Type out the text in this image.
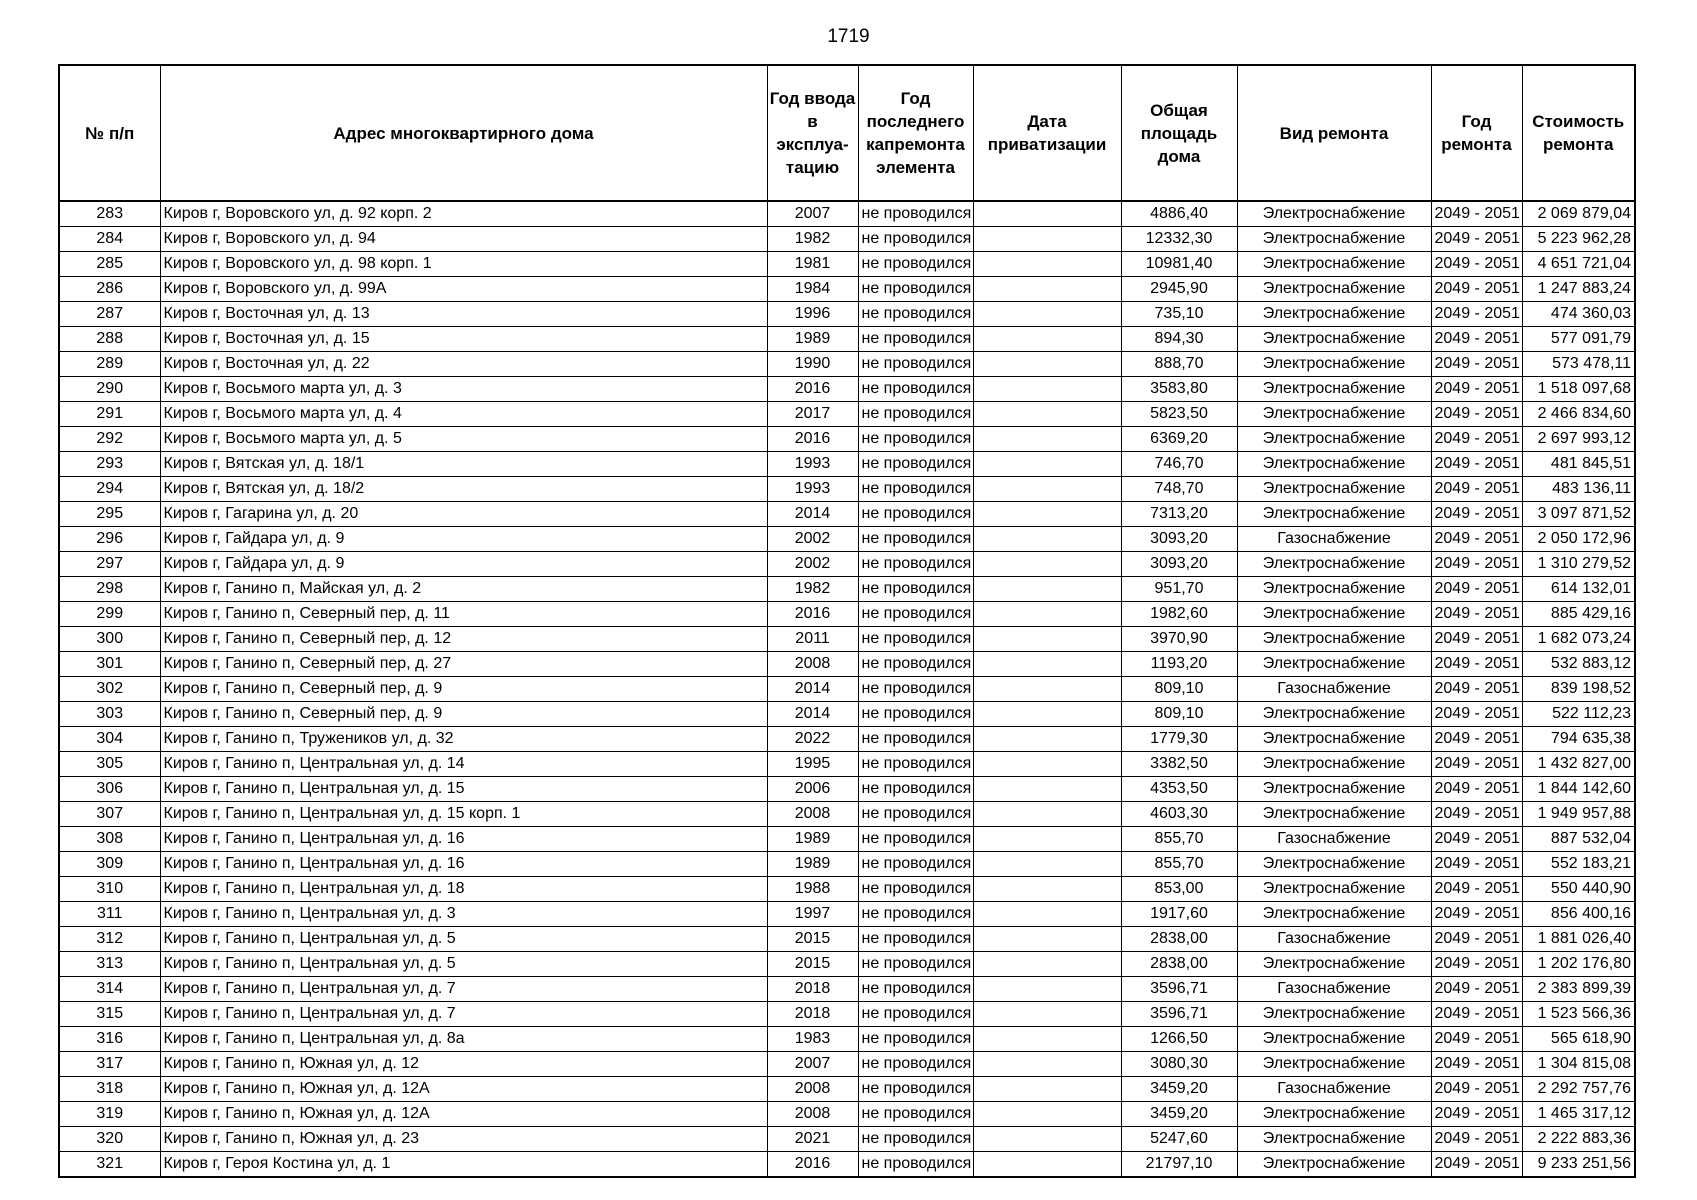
1719
№ п/п	Адрес многоквартирного дома	Год ввода в эксплуа- тацию	Год последнего капремонта элемента	Дата приватизации	Общая площадь дома	Вид ремонта	Год ремонта	Стоимость ремонта
283	Киров г, Воровского ул, д. 92 корп. 2	2007	не проводился		4886,40	Электроснабжение	2049 - 2051	2 069 879,04
284	Киров г, Воровского ул, д. 94	1982	не проводился		12332,30	Электроснабжение	2049 - 2051	5 223 962,28
285	Киров г, Воровского ул, д. 98 корп. 1	1981	не проводился		10981,40	Электроснабжение	2049 - 2051	4 651 721,04
286	Киров г, Воровского ул, д. 99А	1984	не проводился		2945,90	Электроснабжение	2049 - 2051	1 247 883,24
287	Киров г, Восточная ул, д. 13	1996	не проводился		735,10	Электроснабжение	2049 - 2051	474 360,03
288	Киров г, Восточная ул, д. 15	1989	не проводился		894,30	Электроснабжение	2049 - 2051	577 091,79
289	Киров г, Восточная ул, д. 22	1990	не проводился		888,70	Электроснабжение	2049 - 2051	573 478,11
290	Киров г, Восьмого марта ул, д. 3	2016	не проводился		3583,80	Электроснабжение	2049 - 2051	1 518 097,68
291	Киров г, Восьмого марта ул, д. 4	2017	не проводился		5823,50	Электроснабжение	2049 - 2051	2 466 834,60
292	Киров г, Восьмого марта ул, д. 5	2016	не проводился		6369,20	Электроснабжение	2049 - 2051	2 697 993,12
293	Киров г, Вятская ул, д. 18/1	1993	не проводился		746,70	Электроснабжение	2049 - 2051	481 845,51
294	Киров г, Вятская ул, д. 18/2	1993	не проводился		748,70	Электроснабжение	2049 - 2051	483 136,11
295	Киров г, Гагарина ул, д. 20	2014	не проводился		7313,20	Электроснабжение	2049 - 2051	3 097 871,52
296	Киров г, Гайдара ул, д. 9	2002	не проводился		3093,20	Газоснабжение	2049 - 2051	2 050 172,96
297	Киров г, Гайдара ул, д. 9	2002	не проводился		3093,20	Электроснабжение	2049 - 2051	1 310 279,52
298	Киров г, Ганино п, Майская ул, д. 2	1982	не проводился		951,70	Электроснабжение	2049 - 2051	614 132,01
299	Киров г, Ганино п, Северный пер, д. 11	2016	не проводился		1982,60	Электроснабжение	2049 - 2051	885 429,16
300	Киров г, Ганино п, Северный пер, д. 12	2011	не проводился		3970,90	Электроснабжение	2049 - 2051	1 682 073,24
301	Киров г, Ганино п, Северный пер, д. 27	2008	не проводился		1193,20	Электроснабжение	2049 - 2051	532 883,12
302	Киров г, Ганино п, Северный пер, д. 9	2014	не проводился		809,10	Газоснабжение	2049 - 2051	839 198,52
303	Киров г, Ганино п, Северный пер, д. 9	2014	не проводился		809,10	Электроснабжение	2049 - 2051	522 112,23
304	Киров г, Ганино п, Тружеников ул, д. 32	2022	не проводился		1779,30	Электроснабжение	2049 - 2051	794 635,38
305	Киров г, Ганино п, Центральная ул, д. 14	1995	не проводился		3382,50	Электроснабжение	2049 - 2051	1 432 827,00
306	Киров г, Ганино п, Центральная ул, д. 15	2006	не проводился		4353,50	Электроснабжение	2049 - 2051	1 844 142,60
307	Киров г, Ганино п, Центральная ул, д. 15 корп. 1	2008	не проводился		4603,30	Электроснабжение	2049 - 2051	1 949 957,88
308	Киров г, Ганино п, Центральная ул, д. 16	1989	не проводился		855,70	Газоснабжение	2049 - 2051	887 532,04
309	Киров г, Ганино п, Центральная ул, д. 16	1989	не проводился		855,70	Электроснабжение	2049 - 2051	552 183,21
310	Киров г, Ганино п, Центральная ул, д. 18	1988	не проводился		853,00	Электроснабжение	2049 - 2051	550 440,90
311	Киров г, Ганино п, Центральная ул, д. 3	1997	не проводился		1917,60	Электроснабжение	2049 - 2051	856 400,16
312	Киров г, Ганино п, Центральная ул, д. 5	2015	не проводился		2838,00	Газоснабжение	2049 - 2051	1 881 026,40
313	Киров г, Ганино п, Центральная ул, д. 5	2015	не проводился		2838,00	Электроснабжение	2049 - 2051	1 202 176,80
314	Киров г, Ганино п, Центральная ул, д. 7	2018	не проводился		3596,71	Газоснабжение	2049 - 2051	2 383 899,39
315	Киров г, Ганино п, Центральная ул, д. 7	2018	не проводился		3596,71	Электроснабжение	2049 - 2051	1 523 566,36
316	Киров г, Ганино п, Центральная ул, д. 8а	1983	не проводился		1266,50	Электроснабжение	2049 - 2051	565 618,90
317	Киров г, Ганино п, Южная ул, д. 12	2007	не проводился		3080,30	Электроснабжение	2049 - 2051	1 304 815,08
318	Киров г, Ганино п, Южная ул, д. 12А	2008	не проводился		3459,20	Газоснабжение	2049 - 2051	2 292 757,76
319	Киров г, Ганино п, Южная ул, д. 12А	2008	не проводился		3459,20	Электроснабжение	2049 - 2051	1 465 317,12
320	Киров г, Ганино п, Южная ул, д. 23	2021	не проводился		5247,60	Электроснабжение	2049 - 2051	2 222 883,36
321	Киров г, Героя Костина ул, д. 1	2016	не проводился		21797,10	Электроснабжение	2049 - 2051	9 233 251,56
